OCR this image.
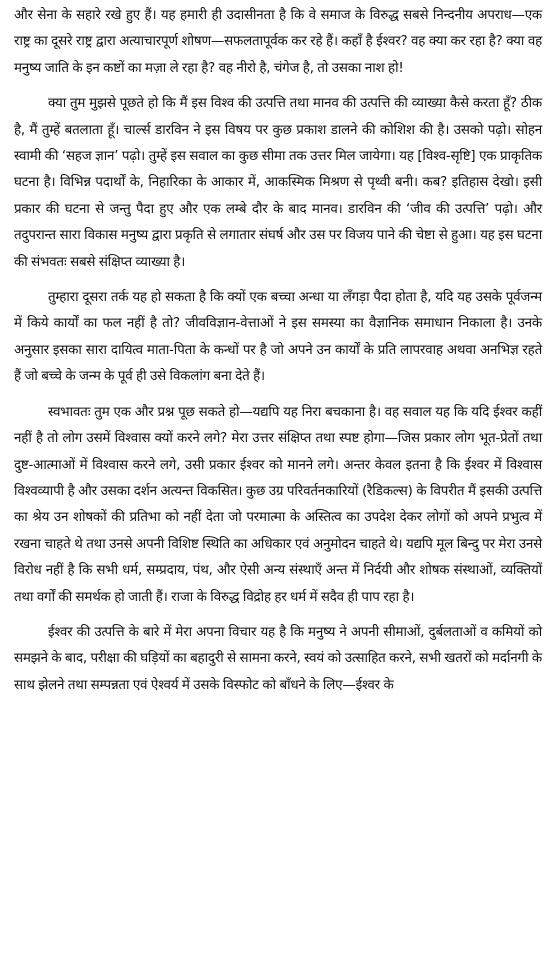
और सेना के सहारे रखे हुए हैं। यह हमारी ही उदासीनता है कि वे समाज के विरुद्ध सबसे निन्दनीय अपराध—एक राष्ट्र का दूसरे राष्ट्र द्वारा अत्याचारपूर्ण शोषण—सफलतापूर्वक कर रहे हैं। कहाँ है ईश्वर? वह क्या कर रहा है? क्या वह मनुष्य जाति के इन कष्टों का मज़ा ले रहा है? वह नीरो है, चंगेज है, तो उसका नाश हो!

क्या तुम मुझसे पूछते हो कि मैं इस विश्व की उत्पत्ति तथा मानव की उत्पत्ति की व्याख्या कैसे करता हूँ? ठीक है, मैं तुम्हें बतलाता हूँ। चार्ल्स डारविन ने इस विषय पर कुछ प्रकाश डालने की कोशिश की है। उसको पढ़ो। सोहन स्वामी की ‘सहज ज्ञान’ पढ़ो। तुम्हें इस सवाल का कुछ सीमा तक उत्तर मिल जायेगा। यह [विश्व-सृष्टि] एक प्राकृतिक घटना है। विभिन्न पदार्थों के, निहारिका के आकार में, आकस्मिक मिश्रण से पृथ्वी बनी। कब? इतिहास देखो। इसी प्रकार की घटना से जन्तु पैदा हुए और एक लम्बे दौर के बाद मानव। डारविन की ‘जीव की उत्पत्ति’ पढ़ो। और तदुपरान्त सारा विकास मनुष्य द्वारा प्रकृति से लगातार संघर्ष और उस पर विजय पाने की चेष्टा से हुआ। यह इस घटना की संभवतः सबसे संक्षिप्त व्याख्या है।

तुम्हारा दूसरा तर्क यह हो सकता है कि क्यों एक बच्चा अन्धा या लँगड़ा पैदा होता है, यदि यह उसके पूर्वजन्म में किये कार्यों का फल नहीं है तो? जीवविज्ञान-वेत्ताओं ने इस समस्या का वैज्ञानिक समाधान निकाला है। उनके अनुसार इसका सारा दायित्व माता-पिता के कन्धों पर है जो अपने उन कार्यों के प्रति लापरवाह अथवा अनभिज्ञ रहते हैं जो बच्चे के जन्म के पूर्व ही उसे विकलांग बना देते हैं।

स्वभावतः तुम एक और प्रश्न पूछ सकते हो—यद्यपि यह निरा बचकाना है। वह सवाल यह कि यदि ईश्वर कहीं नहीं है तो लोग उसमें विश्वास क्यों करने लगे? मेरा उत्तर संक्षिप्त तथा स्पष्ट होगा—जिस प्रकार लोग भूत-प्रेतों तथा दुष्ट-आत्माओं में विश्वास करने लगे, उसी प्रकार ईश्वर को मानने लगे। अन्तर केवल इतना है कि ईश्वर में विश्वास विश्वव्यापी है और उसका दर्शन अत्यन्त विकसित। कुछ उग्र परिवर्तनकारियों (रैडिकल्स) के विपरीत मैं इसकी उत्पत्ति का श्रेय उन शोषकों की प्रतिभा को नहीं देता जो परमात्मा के अस्तित्व का उपदेश देकर लोगों को अपने प्रभुत्व में रखना चाहते थे तथा उनसे अपनी विशिष्ट स्थिति का अधिकार एवं अनुमोदन चाहते थे। यद्यपि मूल बिन्दु पर मेरा उनसे विरोध नहीं है कि सभी धर्म, सम्प्रदाय, पंथ, और ऐसी अन्य संस्थाएँ अन्त में निर्दयी और शोषक संस्थाओं, व्यक्तियों तथा वर्गों की समर्थक हो जाती हैं। राजा के विरुद्ध विद्रोह हर धर्म में सदैव ही पाप रहा है।

ईश्वर की उत्पत्ति के बारे में मेरा अपना विचार यह है कि मनुष्य ने अपनी सीमाओं, दुर्बलताओं व कमियों को समझने के बाद, परीक्षा की घड़ियों का बहादुरी से सामना करने, स्वयं को उत्साहित करने, सभी खतरों को मर्दानगी के साथ झेलने तथा सम्पन्नता एवं ऐश्वर्य में उसके विस्फोट को बाँधने के लिए—ईश्वर के
